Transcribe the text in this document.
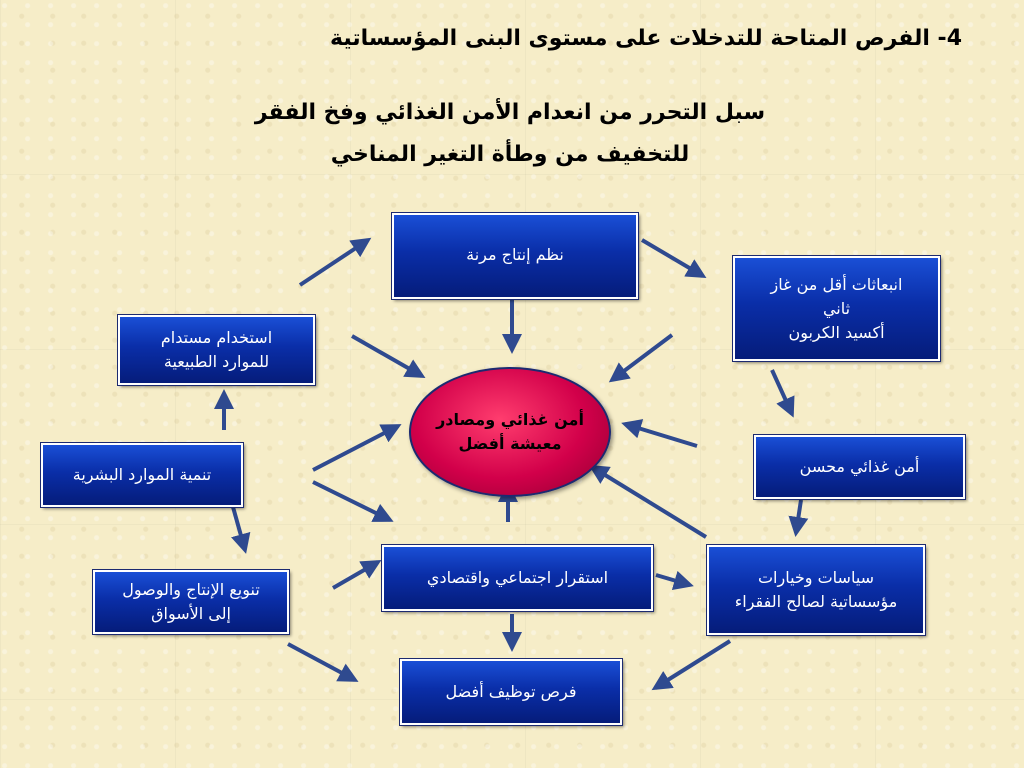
4- الفرص المتاحة للتدخلات على مستوى البنى المؤسساتية
سبل التحرر من انعدام الأمن الغذائي وفخ الفقر
للتخفيف من وطأة التغير المناخي
نظم إنتاج مرنة
انبعاثات أقل من غاز
ثاني
أكسيد الكربون
استخدام مستدام
للموارد الطبيعية
تنمية الموارد البشرية	أمن غذائي محسن
تنويع الإنتاج والوصول
إلى الأسواق
استقرار اجتماعي واقتصادي	سياسات وخيارات
مؤسساتية لصالح الفقراء
فرص توظيف أفضل
أمن غذائي ومصادر
معيشة أفضل
